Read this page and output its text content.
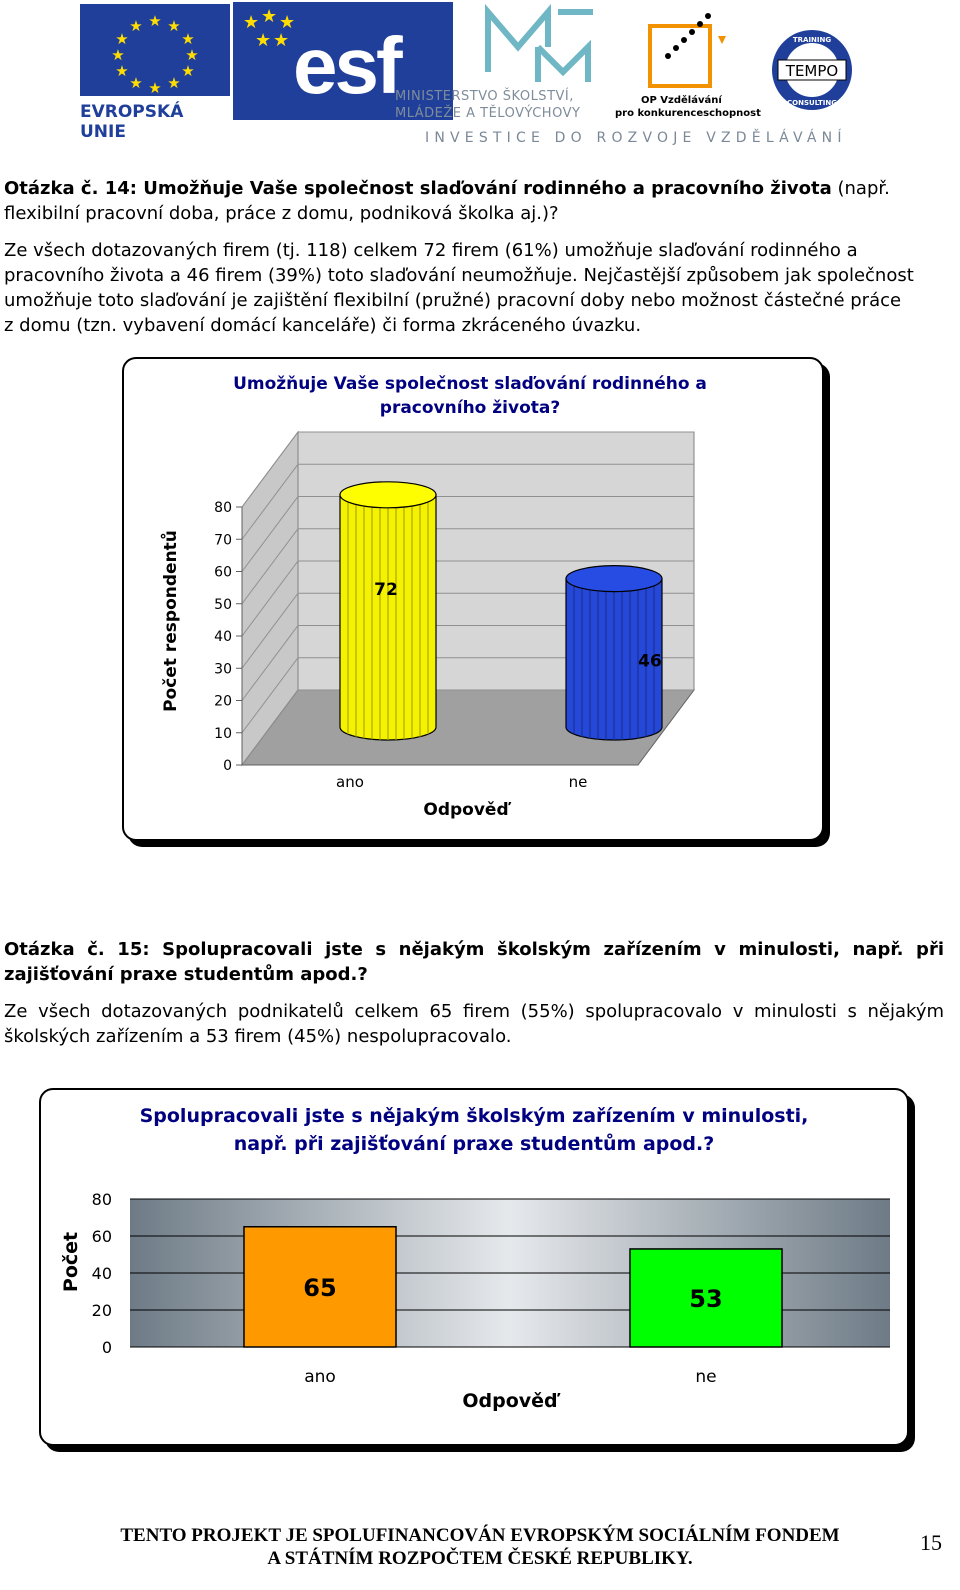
★ ★
★
★
★
★
★
★
★
★
★
★
EVROPSKÁ UNIE
★ ★ ★
★ ★ esf
MINISTERSTVO ŠKOLSTVÍ,
MLÁDEŽE A TĚLOVÝCHOVY
OP Vzdělávání
pro konkurenceschopnost
TEMPO
TRAINING
CONSULTING
INVESTICE DO ROZVOJE VZDĚLÁVÁNÍ
Otázka č. 14: Umožňuje Vaše společnost slaďování rodinného a pracovního života (např.
flexibilní pracovní doba, práce z domu, podniková školka aj.)?
Ze všech dotazovaných firem (tj. 118) celkem 72 firem (61%) umožňuje slaďování rodinného a
pracovního života a 46 firem (39%) toto slaďování neumožňuje. Nejčastější způsobem jak společnost
umožňuje toto slaďování je zajištění flexibilní (pružné) pracovní doby nebo možnost částečné práce
z domu (tzn. vybavení domácí kanceláře) či forma zkráceného úvazku.
Umožňuje Vaše společnost slaďování rodinného a
pracovního života?
0
10
20
30
40
50
60
70
80
72
46
ano	ne
Odpověď
Počet respondentů
Otázka č. 15: Spolupracovali jste s nějakým školským zařízením v minulosti, např. při
zajišťování praxe studentům apod.?
Ze všech dotazovaných podnikatelů celkem 65 firem (55%) spolupracovalo v minulosti s nějakým
školských zařízením a 53 firem (45%) nespolupracovalo.
Spolupracovali jste s nějakým školským zařízením v minulosti,
např. při zajišťování praxe studentům apod.?
0
20
40
60
80
65	53
ano	ne
Odpověď
Počet
TENTO PROJEKT JE SPOLUFINANCOVÁN EVROPSKÝM SOCIÁLNÍM FONDEM
A STÁTNÍM ROZPOČTEM ČESKÉ REPUBLIKY.
15
